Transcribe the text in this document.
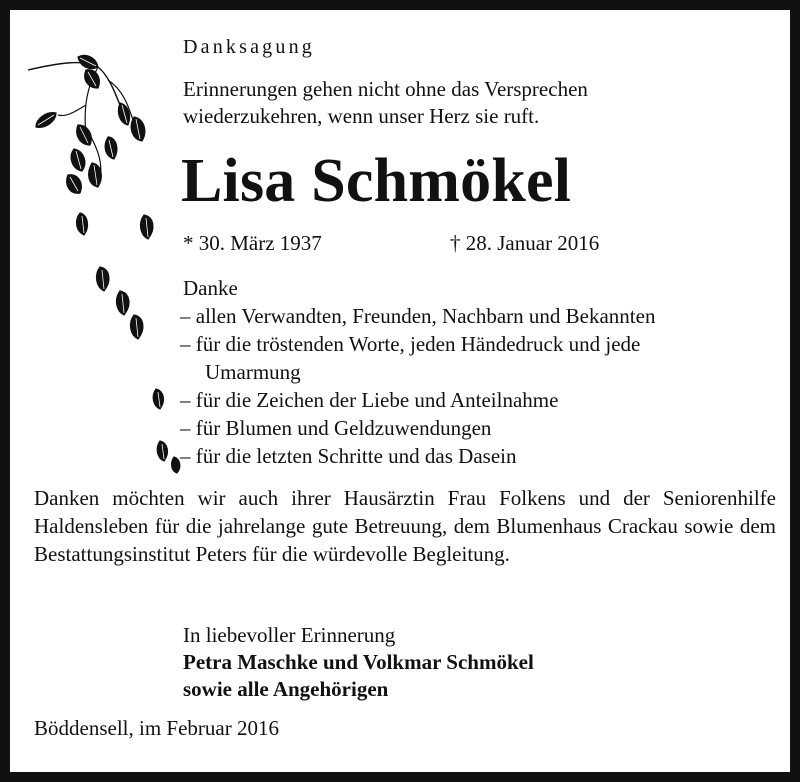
Danksagung
Erinnerungen gehen nicht ohne das Versprechen
wiederzukehren, wenn unser Herz sie ruft.
Lisa Schmökel
* 30. März 1937	† 28. Januar 2016
Danke
– allen Verwandten, Freunden, Nachbarn und Bekannten
– für die tröstenden Worte, jeden Händedruck und jede
Umarmung
– für die Zeichen der Liebe und Anteilnahme
– für Blumen und Geldzuwendungen
– für die letzten Schritte und das Dasein
Danken möchten wir auch ihrer Hausärztin Frau Folkens und der Seniorenhilfe Haldensleben für die jahrelange gute Betreuung, dem Blumenhaus Crackau sowie dem Bestattungsinstitut Peters für die würdevolle Begleitung.
In liebevoller Erinnerung
Petra Maschke und Volkmar Schmökel
sowie alle Angehörigen
Böddensell, im Februar 2016
